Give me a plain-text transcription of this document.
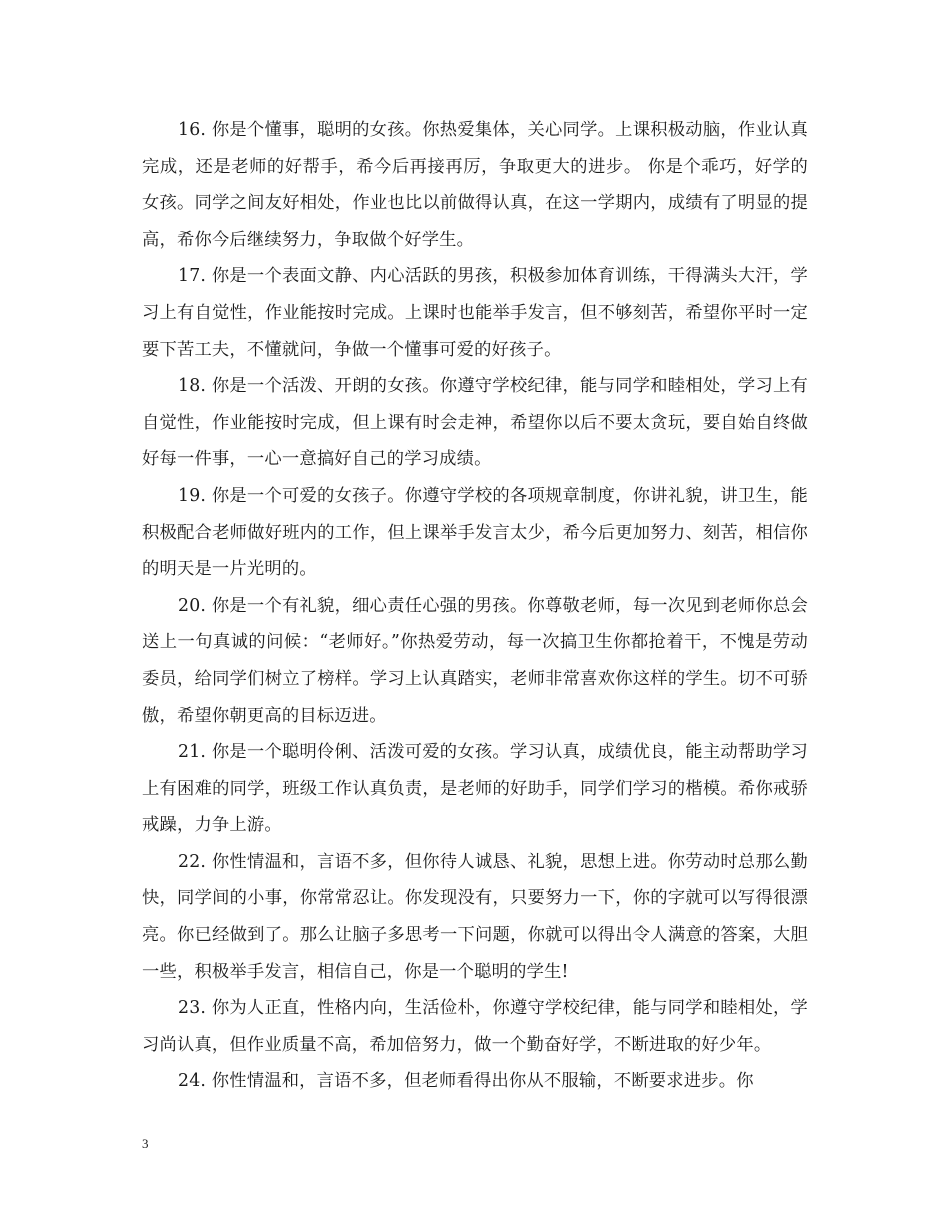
16. 你是个懂事，聪明的女孩。你热爱集体，关心同学。上课积极动脑，作业认真完成，还是老师的好帮手，希今后再接再厉，争取更大的进步。 你是个乖巧，好学的女孩。同学之间友好相处，作业也比以前做得认真，在这一学期内，成绩有了明显的提高，希你今后继续努力，争取做个好学生。

17. 你是一个表面文静、内心活跃的男孩，积极参加体育训练，干得满头大汗，学习上有自觉性，作业能按时完成。上课时也能举手发言，但不够刻苦，希望你平时一定要下苦工夫，不懂就问，争做一个懂事可爱的好孩子。

18. 你是一个活泼、开朗的女孩。你遵守学校纪律，能与同学和睦相处，学习上有自觉性，作业能按时完成，但上课有时会走神，希望你以后不要太贪玩，要自始自终做好每一件事，一心一意搞好自己的学习成绩。

19. 你是一个可爱的女孩子。你遵守学校的各项规章制度，你讲礼貌，讲卫生，能积极配合老师做好班内的工作，但上课举手发言太少，希今后更加努力、刻苦，相信你的明天是一片光明的。

20. 你是一个有礼貌，细心责任心强的男孩。你尊敬老师，每一次见到老师你总会送上一句真诚的问候：“老师好。”你热爱劳动，每一次搞卫生你都抢着干，不愧是劳动委员，给同学们树立了榜样。学习上认真踏实，老师非常喜欢你这样的学生。切不可骄傲，希望你朝更高的目标迈进。

21. 你是一个聪明伶俐、活泼可爱的女孩。学习认真，成绩优良，能主动帮助学习上有困难的同学，班级工作认真负责，是老师的好助手，同学们学习的楷模。希你戒骄戒躁，力争上游。

22. 你性情温和，言语不多，但你待人诚恳、礼貌，思想上进。你劳动时总那么勤快，同学间的小事，你常常忍让。你发现没有，只要努力一下，你的字就可以写得很漂亮。你已经做到了。那么让脑子多思考一下问题，你就可以得出令人满意的答案，大胆一些，积极举手发言，相信自己，你是一个聪明的学生!

23. 你为人正直，性格内向，生活俭朴，你遵守学校纪律，能与同学和睦相处，学习尚认真，但作业质量不高，希加倍努力，做一个勤奋好学，不断进取的好少年。

24. 你性情温和，言语不多，但老师看得出你从不服输，不断要求进步。你

3
